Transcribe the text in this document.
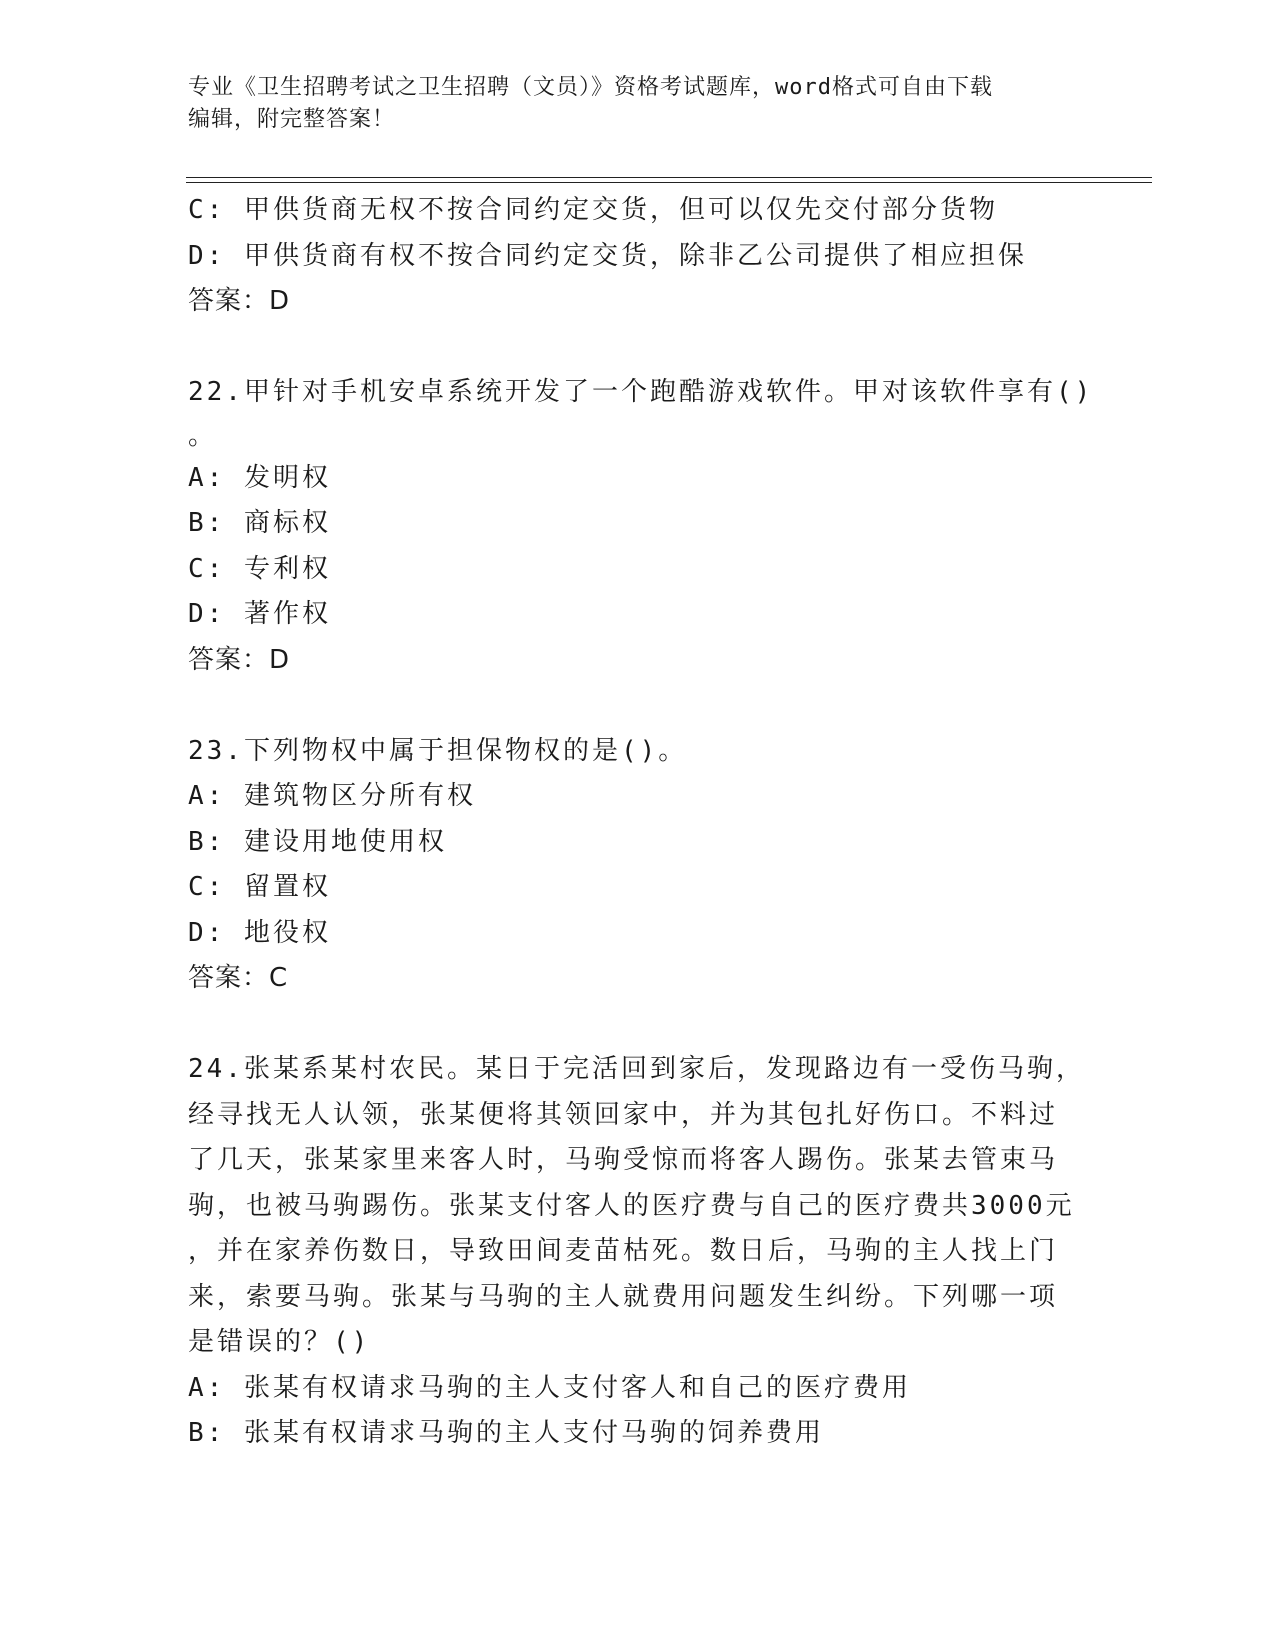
专业《卫生招聘考试之卫生招聘（文员）》资格考试题库，word格式可自由下载
编辑，附完整答案！
C: 甲供货商无权不按合同约定交货，但可以仅先交付部分货物
D: 甲供货商有权不按合同约定交货，除非乙公司提供了相应担保
答案：D
22.甲针对手机安卓系统开发了一个跑酷游戏软件。甲对该软件享有()
。
A: 发明权
B: 商标权
C: 专利权
D: 著作权
答案：D
23.下列物权中属于担保物权的是()。
A: 建筑物区分所有权
B: 建设用地使用权
C: 留置权
D: 地役权
答案：C
24.张某系某村农民。某日于完活回到家后，发现路边有一受伤马驹，
经寻找无人认领，张某便将其领回家中，并为其包扎好伤口。不料过
了几天，张某家里来客人时，马驹受惊而将客人踢伤。张某去管束马
驹，也被马驹踢伤。张某支付客人的医疗费与自己的医疗费共3000元
，并在家养伤数日，导致田间麦苗枯死。数日后，马驹的主人找上门
来，索要马驹。张某与马驹的主人就费用问题发生纠纷。下列哪一项
是错误的？()
A: 张某有权请求马驹的主人支付客人和自己的医疗费用
B: 张某有权请求马驹的主人支付马驹的饲养费用
